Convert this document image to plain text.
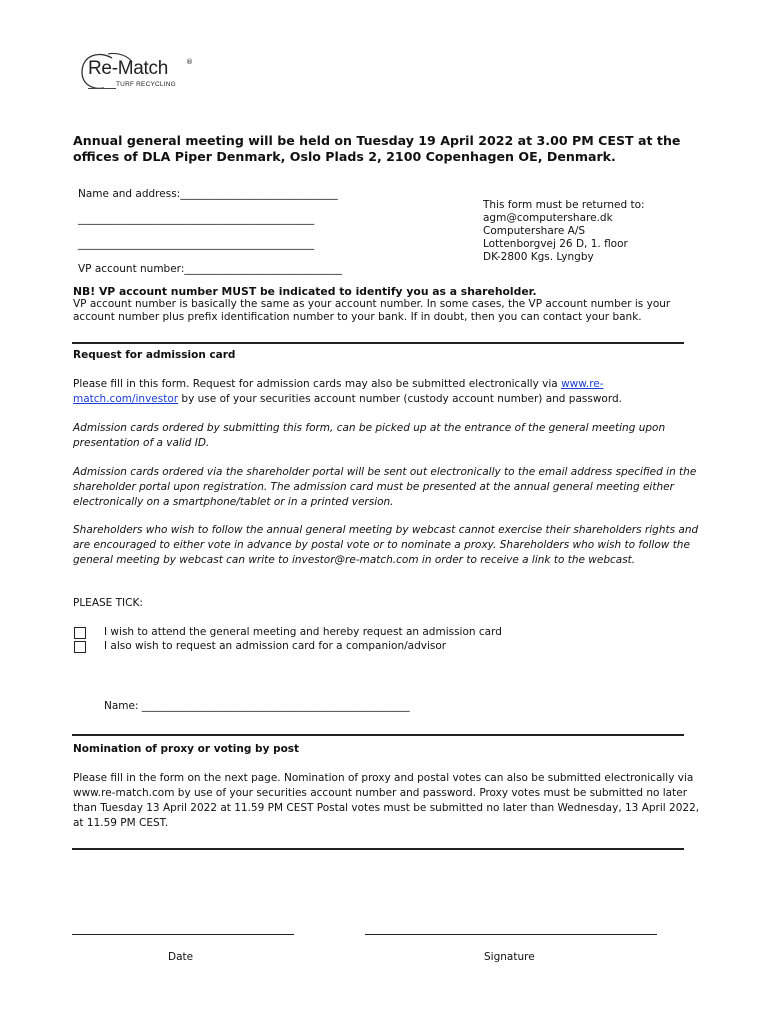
Re-Match	®
TURF RECYCLING
Annual general meeting will be held on Tuesday 19 April 2022 at 3.00 PM CEST at the offices of DLA Piper Denmark, Oslo Plads 2, 2100 Copenhagen OE, Denmark.
Name and address:______________________________
_____________________________________________
_____________________________________________
VP account number:______________________________
This form must be returned to:
agm@computershare.dk
Computershare A/S
Lottenborgvej 26 D, 1. floor
DK-2800 Kgs. Lyngby
NB! VP account number MUST be indicated to identify you as a shareholder.
VP account number is basically the same as your account number. In some cases, the VP account number is your account number plus prefix identification number to your bank. If in doubt, then you can contact your bank.
Request for admission card
Please fill in this form. Request for admission cards may also be submitted electronically via www.re-match.com/investor by use of your securities account number (custody account number) and password.
Admission cards ordered by submitting this form, can be picked up at the entrance of the general meeting upon presentation of a valid ID.
Admission cards ordered via the shareholder portal will be sent out electronically to the email address specified in the shareholder portal upon registration. The admission card must be presented at the annual general meeting either electronically on a smartphone/tablet or in a printed version.
Shareholders who wish to follow the annual general meeting by webcast cannot exercise their shareholders rights and are encouraged to either vote in advance by postal vote or to nominate a proxy. Shareholders who wish to follow the general meeting by webcast can write to investor@re-match.com in order to receive a link to the webcast.
PLEASE TICK:
I wish to attend the general meeting and hereby request an admission card
I also wish to request an admission card for a companion/advisor
Name: ___________________________________________________
Nomination of proxy or voting by post
Please fill in the form on the next page. Nomination of proxy and postal votes can also be submitted electronically via www.re-match.com by use of your securities account number and password. Proxy votes must be submitted no later than Tuesday 13 April 2022 at 11.59 PM CEST Postal votes must be submitted no later than Wednesday, 13 April 2022, at 11.59 PM CEST.
Date	Signature
